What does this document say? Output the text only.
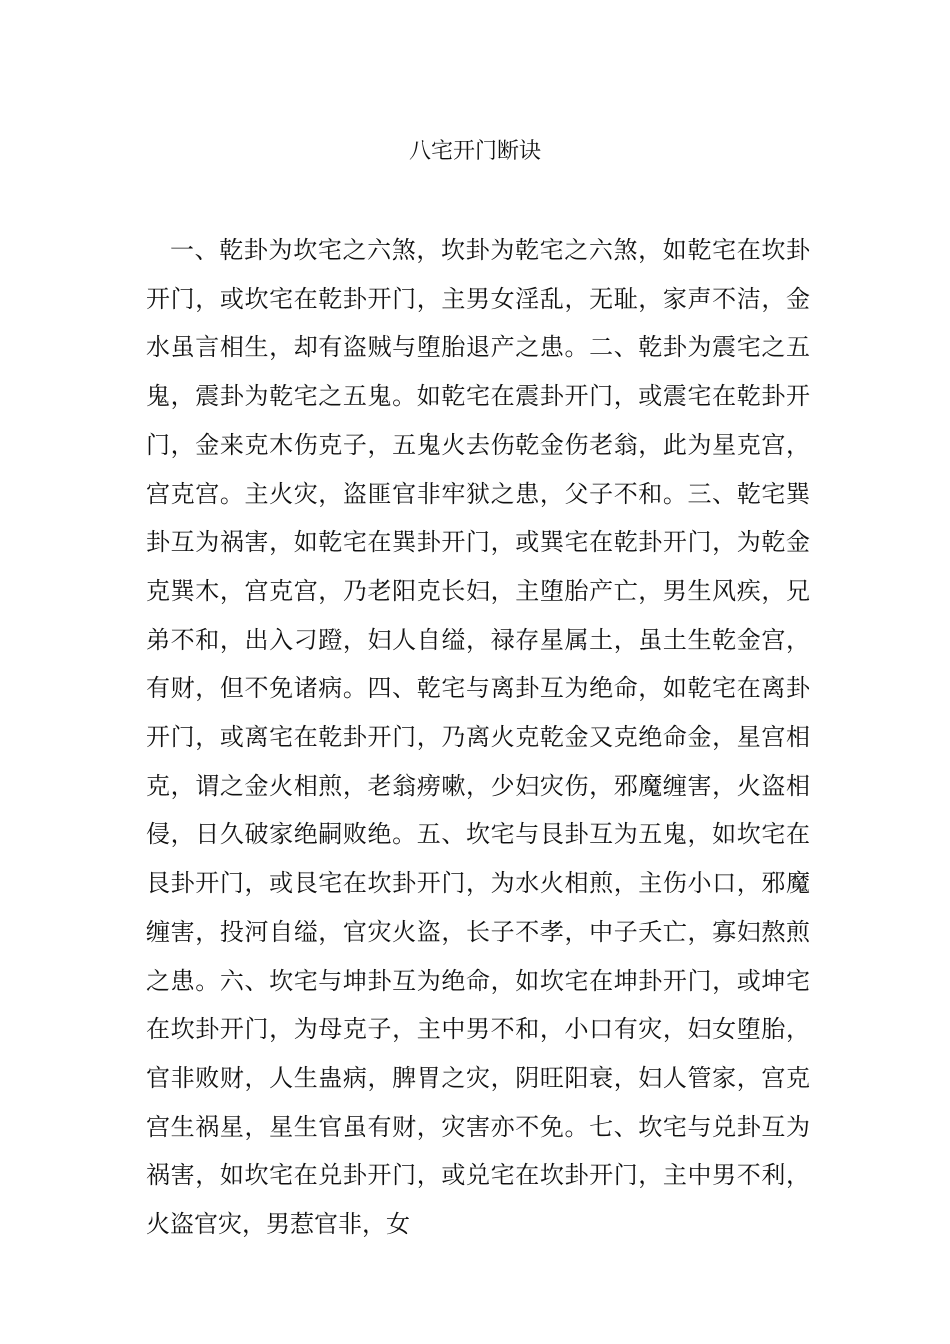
八宅开门断诀

一、乾卦为坎宅之六煞，坎卦为乾宅之六煞，如乾宅在坎卦开门，或坎宅在乾卦开门，主男女淫乱，无耻，家声不洁，金水虽言相生，却有盗贼与堕胎退产之患。二、乾卦为震宅之五鬼，震卦为乾宅之五鬼。如乾宅在震卦开门，或震宅在乾卦开门，金来克木伤克子，五鬼火去伤乾金伤老翁，此为星克宫，宫克宫。主火灾，盗匪官非牢狱之患，父子不和。三、乾宅巽卦互为祸害，如乾宅在巽卦开门，或巽宅在乾卦开门，为乾金克巽木，宫克宫，乃老阳克长妇，主堕胎产亡，男生风疾，兄弟不和，出入刁蹬，妇人自缢，禄存星属土，虽土生乾金宫，有财，但不免诸病。四、乾宅与离卦互为绝命，如乾宅在离卦开门，或离宅在乾卦开门，乃离火克乾金又克绝命金，星宫相克，谓之金火相煎，老翁痨嗽，少妇灾伤，邪魔缠害，火盗相侵，日久破家绝嗣败绝。五、坎宅与艮卦互为五鬼，如坎宅在艮卦开门，或艮宅在坎卦开门，为水火相煎，主伤小口，邪魔缠害，投河自缢，官灾火盗，长子不孝，中子夭亡，寡妇熬煎之患。六、坎宅与坤卦互为绝命，如坎宅在坤卦开门，或坤宅在坎卦开门，为母克子，主中男不和，小口有灾，妇女堕胎，官非败财，人生蛊病，脾胃之灾，阴旺阳衰，妇人管家，宫克宫生祸星，星生官虽有财，灾害亦不免。七、坎宅与兑卦互为祸害，如坎宅在兑卦开门，或兑宅在坎卦开门，主中男不利，火盗官灾，男惹官非，女
